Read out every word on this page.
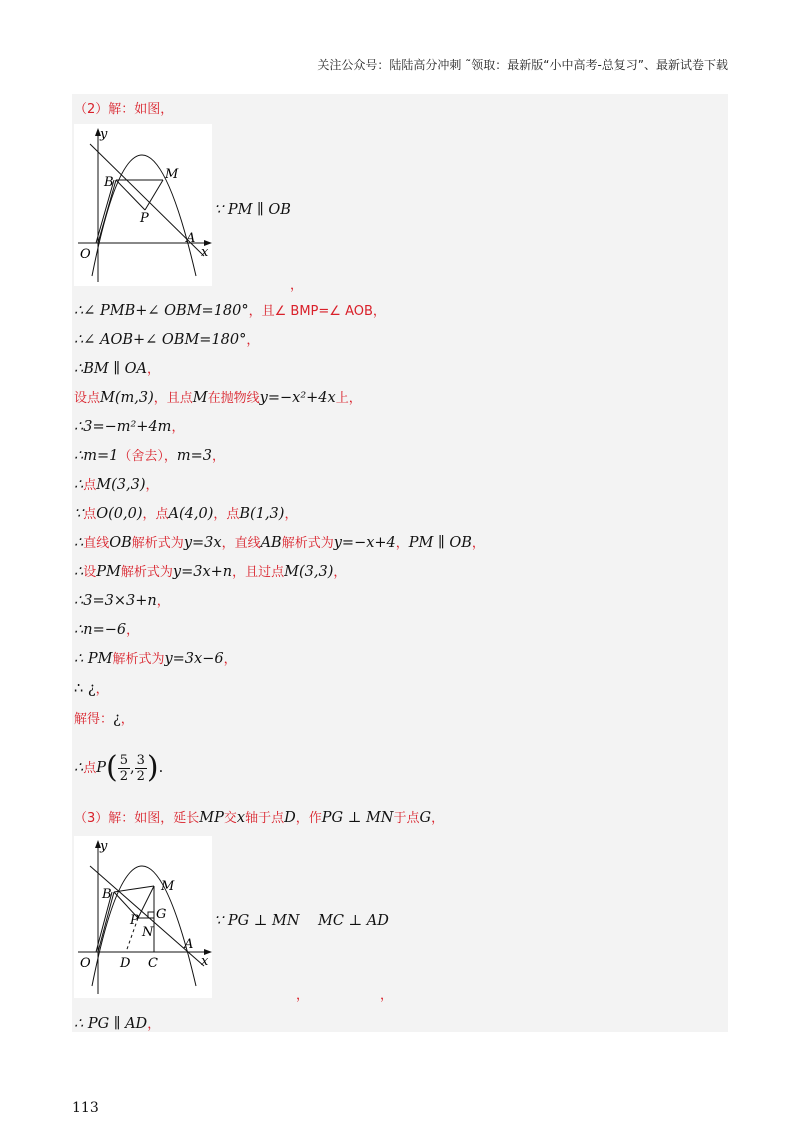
关注公众号：陆陆高分冲刺 ˜领取：最新版“小中高考-总复习”、最新试卷下载
（2）解：如图，
y
x
O
B
M
P
A
∵ PM ∥ OB
，
∴∠ PMB+∠ OBM=180°，且∠ BMP=∠ AOB，
∴∠ AOB+∠ OBM=180°，
∴BM ∥ OA，
设点M(m,3)，且点M在抛物线y=−x²+4x上，
∴3=−m²+4m，
∴m=1（舍去），m=3，
∴点M(3,3)，
∵点O(0,0)，点A(4,0)，点B(1,3)，
∴直线OB解析式为y=3x，直线AB解析式为y=−x+4，PM ∥ OB，
∴设PM解析式为y=3x+n，且过点M(3,3)，
∴3=3×3+n，
∴n=−6，
∴ PM解析式为y=3x−6，
∴ ¿，
解得：¿，
∴点$P( \frac{5}{2}$ , $\frac{3}{2}$ ).
（3）解：如图，延长MP交x轴于点D，作PG ⊥ MN于点G，
y
x
O
B
M
P G
N
D C
A
∵ PG ⊥ MN    MC ⊥ AD
，	，
∴ PG ∥ AD，
113
